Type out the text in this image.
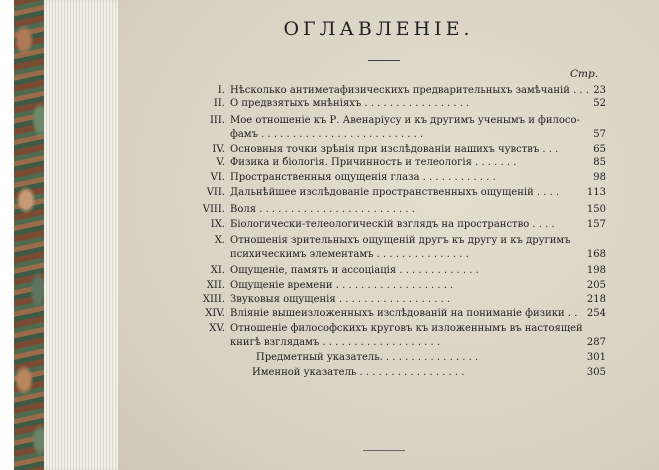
ОГЛАВЛЕНІЕ.
Стр.
I. Нѣсколько антиметафизическихъ предварительныхъ замѣчаній . . . 23
II. О предвзятыхъ мнѣніяхъ . . . . . . . . . . . . . . . . .	52
III. Мое отношеніе къ Р. Авенаріусу и къ другимъ ученымъ и филосо-
фамъ . . . . . . . . . . . . . . . . . . . . . . . . . .	57
IV. Основныя точки зрѣнія при изслѣдованіи нашихъ чувствъ . . .	65
V. Физика и біологія. Причинность и телеологія . . . . . . .	85
VI. Пространственныя ощущенія глаза . . . . . . . . . . . .	98
VII. Дальнѣйшее изслѣдованіе пространственныхъ ощущеній . . . .	113
VIII. Воля . . . . . . . . . . . . . . . . . . . . . . . . .	150
IX. Біологически-телеологическій взглядъ на пространство . . . .	157
X. Отношенія зрительныхъ ощущеній другъ къ другу и къ другимъ
психическимъ элементамъ . . . . . . . . . . . . . . .	168
XI. Ощущеніе, память и ассоціація . . . . . . . . . . . . .	198
XII. Ощущеніе времени . . . . . . . . . . . . . . . . . . .	205
XIII. Звуковыя ощущенія . . . . . . . . . . . . . . . . . .	218
XIV. Вліяніе вышеизложенныхъ изслѣдованій на пониманіе физики . . 254
XV. Отношеніе философскихъ круговъ къ изложеннымъ въ настоящей
книгѣ взглядамъ . . . . . . . . . . . . . . . . . . .	287
Предметный указатель. . . . . . . . . . . . . . . .	301
Именной указатель . . . . . . . . . . . . . . . . .	305
